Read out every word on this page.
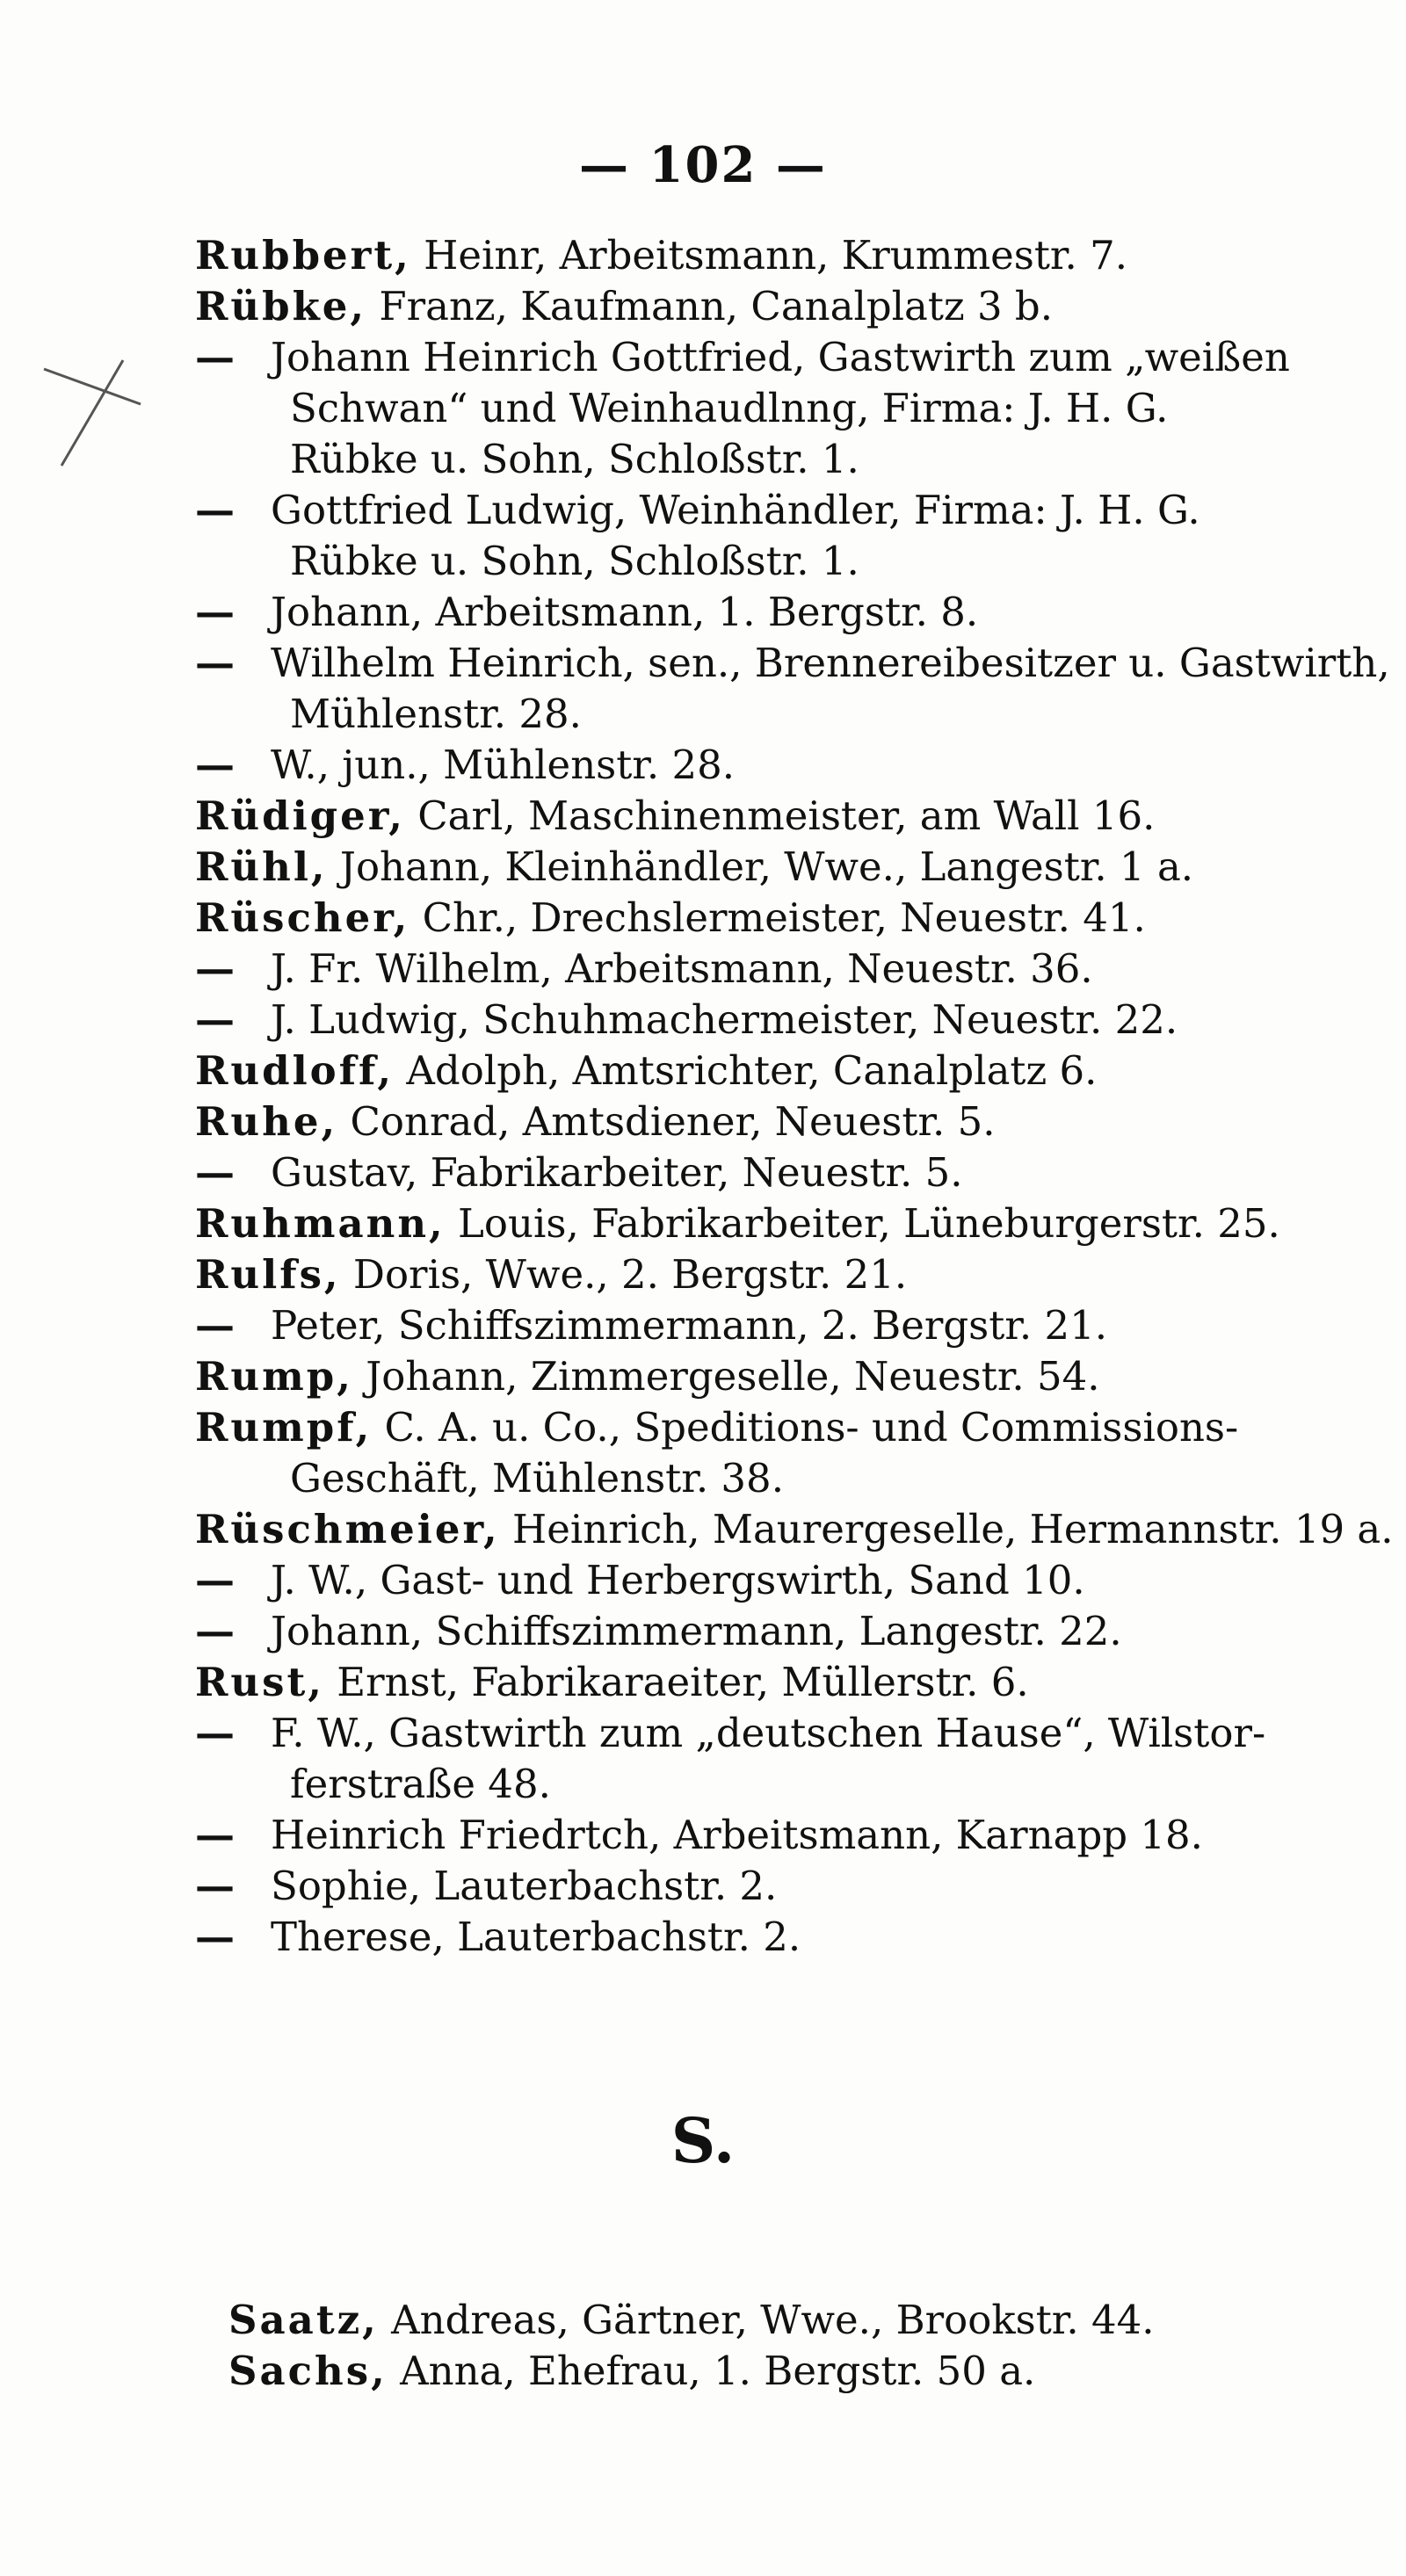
— 102 —
Rubbert, Heinr, Arbeitsmann, Krummestr. 7.
Rübke, Franz, Kaufmann, Canalplatz 3 b.
— Johann Heinrich Gottfried, Gastwirth zum „weißen
Schwan“ und Weinhaudlnng, Firma: J. H. G.
Rübke u. Sohn, Schloßstr. 1.
— Gottfried Ludwig, Weinhändler, Firma: J. H. G.
Rübke u. Sohn, Schloßstr. 1.
— Johann, Arbeitsmann, 1. Bergstr. 8.
— Wilhelm Heinrich, sen., Brennereibesitzer u. Gastwirth,
Mühlenstr. 28.
— W., jun., Mühlenstr. 28.
Rüdiger, Carl, Maschinenmeister, am Wall 16.
Rühl, Johann, Kleinhändler, Wwe., Langestr. 1 a.
Rüscher, Chr., Drechslermeister, Neuestr. 41.
— J. Fr. Wilhelm, Arbeitsmann, Neuestr. 36.
— J. Ludwig, Schuhmachermeister, Neuestr. 22.
Rudloff, Adolph, Amtsrichter, Canalplatz 6.
Ruhe, Conrad, Amtsdiener, Neuestr. 5.
— Gustav, Fabrikarbeiter, Neuestr. 5.
Ruhmann, Louis, Fabrikarbeiter, Lüneburgerstr. 25.
Rulfs, Doris, Wwe., 2. Bergstr. 21.
— Peter, Schiffszimmermann, 2. Bergstr. 21.
Rump, Johann, Zimmergeselle, Neuestr. 54.
Rumpf, C. A. u. Co., Speditions- und Commissions-
Geschäft, Mühlenstr. 38.
Rüschmeier, Heinrich, Maurergeselle, Hermannstr. 19 a.
— J. W., Gast- und Herbergswirth, Sand 10.
— Johann, Schiffszimmermann, Langestr. 22.
Rust, Ernst, Fabrikaraeiter, Müllerstr. 6.
— F. W., Gastwirth zum „deutschen Hause“, Wilstor-
ferstraße 48.
— Heinrich Friedrtch, Arbeitsmann, Karnapp 18.
— Sophie, Lauterbachstr. 2.
— Therese, Lauterbachstr. 2.
S.
Saatz, Andreas, Gärtner, Wwe., Brookstr. 44.
Sachs, Anna, Ehefrau, 1. Bergstr. 50 a.
